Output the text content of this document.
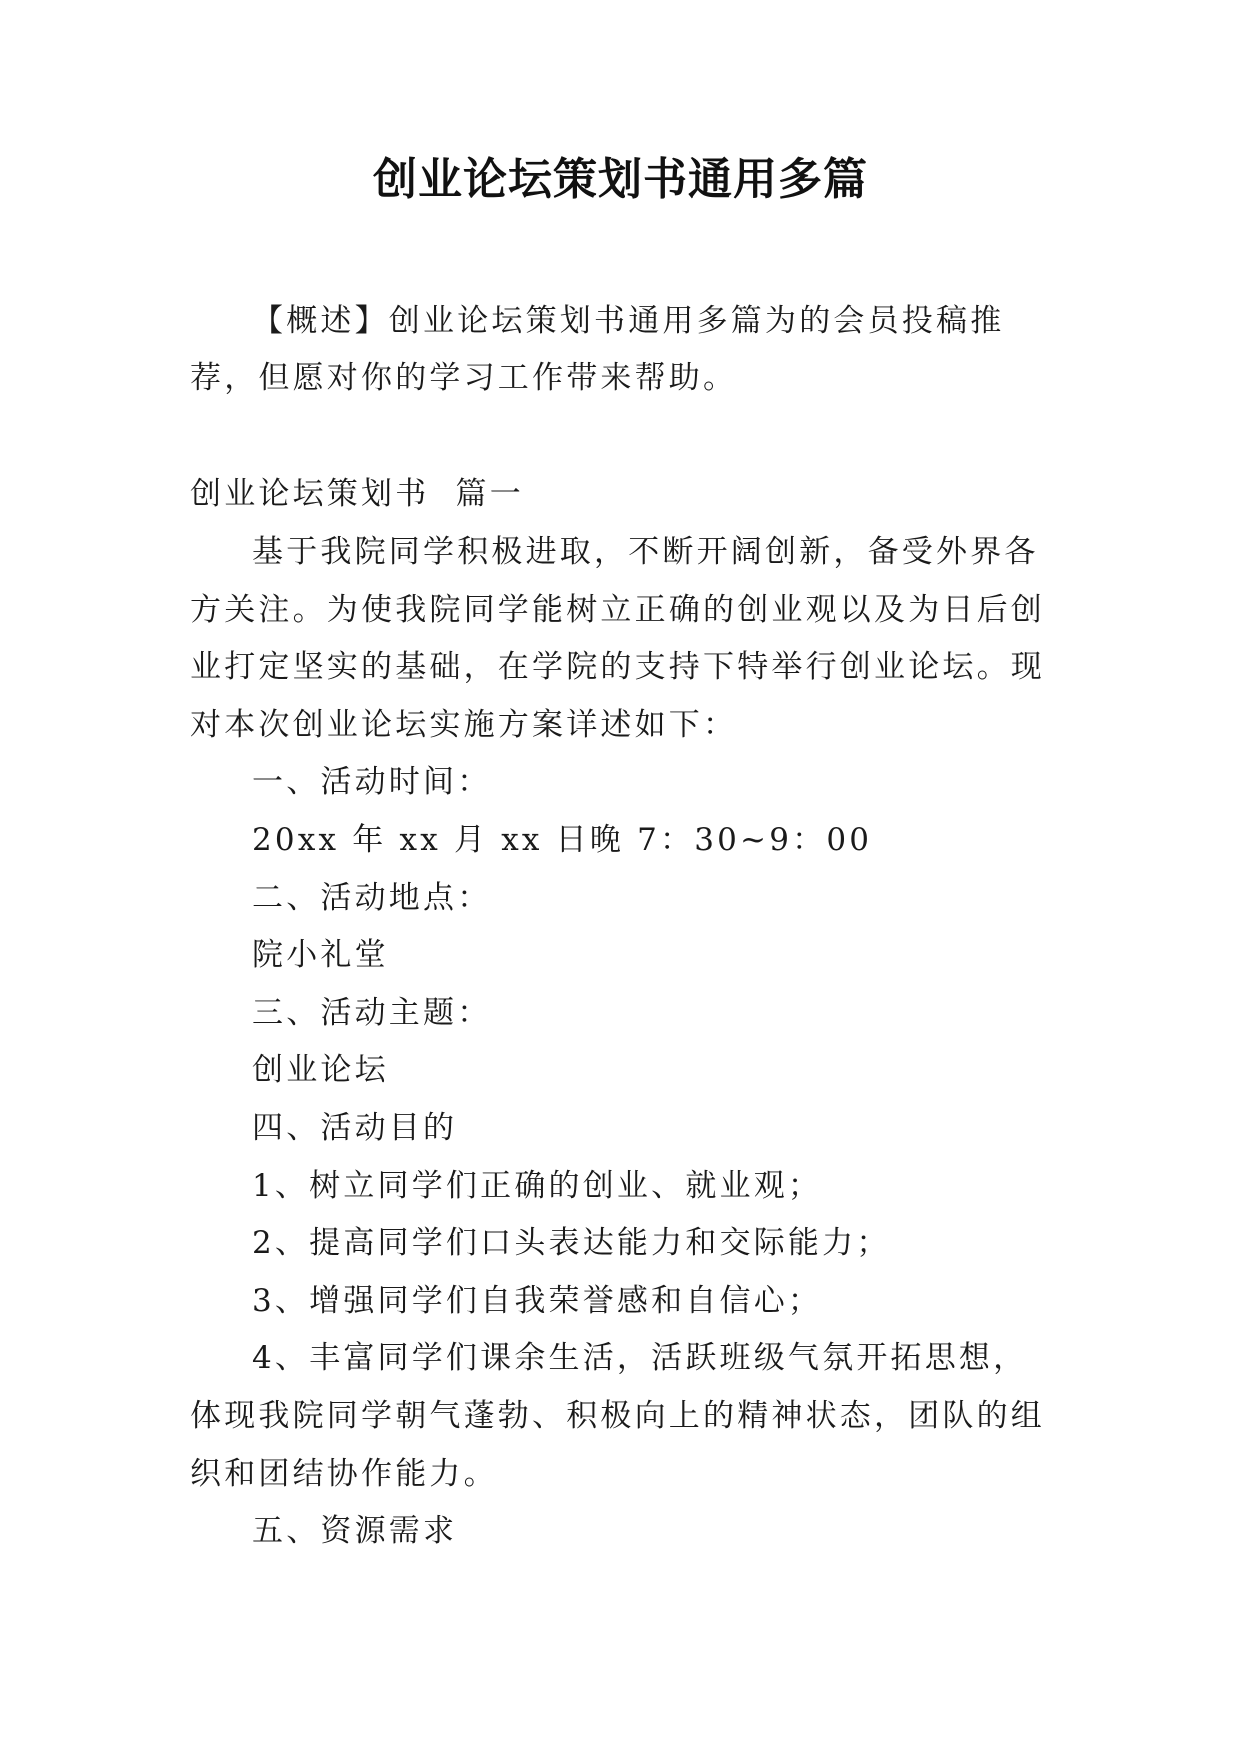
创业论坛策划书通用多篇

【概述】创业论坛策划书通用多篇为的会员投稿推荐，但愿对你的学习工作带来帮助。

创业论坛策划书  篇一

基于我院同学积极进取，不断开阔创新，备受外界各方关注。为使我院同学能树立正确的创业观以及为日后创业打定坚实的基础，在学院的支持下特举行创业论坛。现对本次创业论坛实施方案详述如下：

一、活动时间：

20xx 年 xx 月 xx 日晚 7：30~9：00

二、活动地点：

院小礼堂

三、活动主题：

创业论坛

四、活动目的

1、树立同学们正确的创业、就业观；

2、提高同学们口头表达能力和交际能力；

3、增强同学们自我荣誉感和自信心；

4、丰富同学们课余生活，活跃班级气氛开拓思想，体现我院同学朝气蓬勃、积极向上的精神状态，团队的组织和团结协作能力。

五、资源需求
